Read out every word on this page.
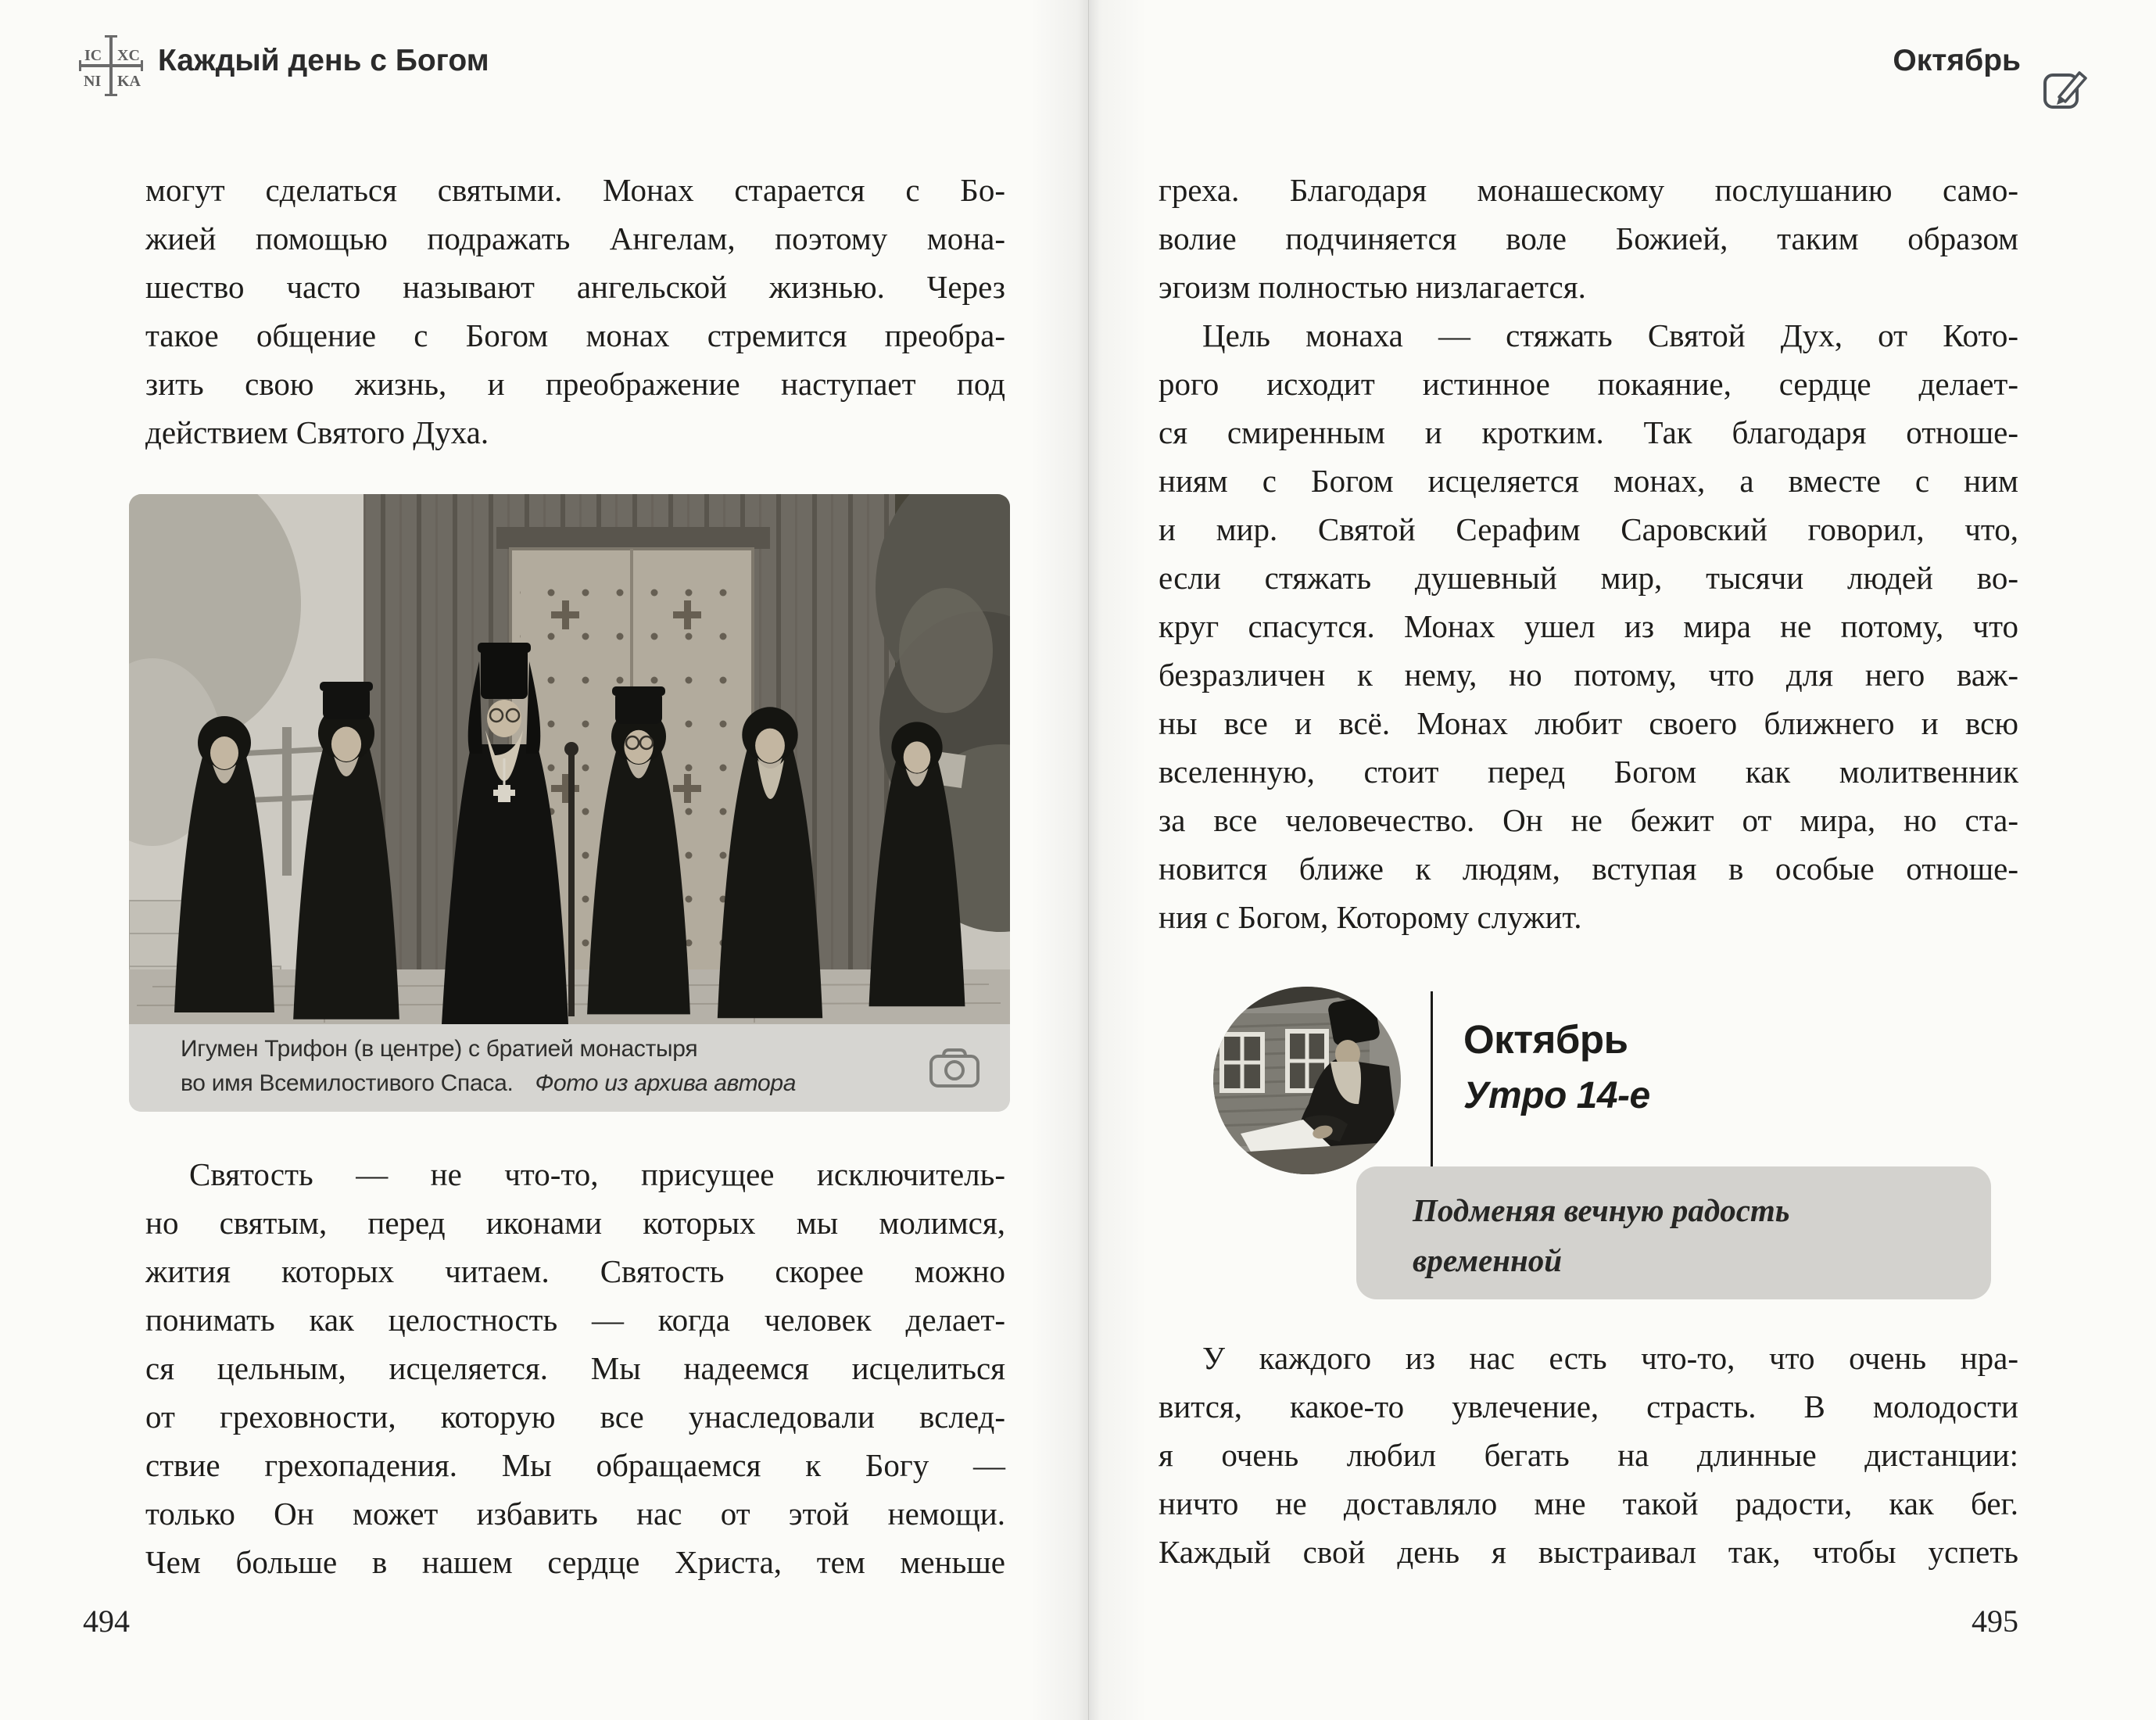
IC XC
NI KA
Каждый день с Богом
могут сделаться святыми. Монах старается с Бо-
жией помощью подражать Ангелам, поэтому мона-
шество часто называют ангельской жизнью. Через
такое общение с Богом монах стремится преобра-
зить свою жизнь, и преображение наступает под
действием Святого Духа.
Игумен Трифон (в центре) с братией монастыря
во имя Всемилостивого Спаса. Фото из архива автора
Святость — не что-то, присущее исключитель-
но святым, перед иконами которых мы молимся,
жития которых читаем. Святость скорее можно
понимать как целостность — когда человек делает-
ся цельным, исцеляется. Мы надеемся исцелиться
от греховности, которую все унаследовали вслед-
ствие грехопадения. Мы обращаемся к Богу —
только Он может избавить нас от этой немощи.
Чем больше в нашем сердце Христа, тем меньше
494
Октябрь
греха. Благодаря монашескому послушанию само-
волие подчиняется воле Божией, таким образом
эгоизм полностью низлагается.
Цель монаха — стяжать Святой Дух, от Кото-
рого исходит истинное покаяние, сердце делает-
ся смиренным и кротким. Так благодаря отноше-
ниям с Богом исцеляется монах, а вместе с ним
и мир. Святой Серафим Саровский говорил, что,
если стяжать душевный мир, тысячи людей во-
круг спасутся. Монах ушел из мира не потому, что
безразличен к нему, но потому, что для него важ-
ны все и всё. Монах любит своего ближнего и всю
вселенную, стоит перед Богом как молитвенник
за все человечество. Он не бежит от мира, но ста-
новится ближе к людям, вступая в особые отноше-
ния с Богом, Которому служит.
Октябрь
Утро 14-е
Подменяя вечную радость
временной
У каждого из нас есть что-то, что очень нра-
вится, какое-то увлечение, страсть. В молодости
я очень любил бегать на длинные дистанции:
ничто не доставляло мне такой радости, как бег.
Каждый свой день я выстраивал так, чтобы успеть
495
